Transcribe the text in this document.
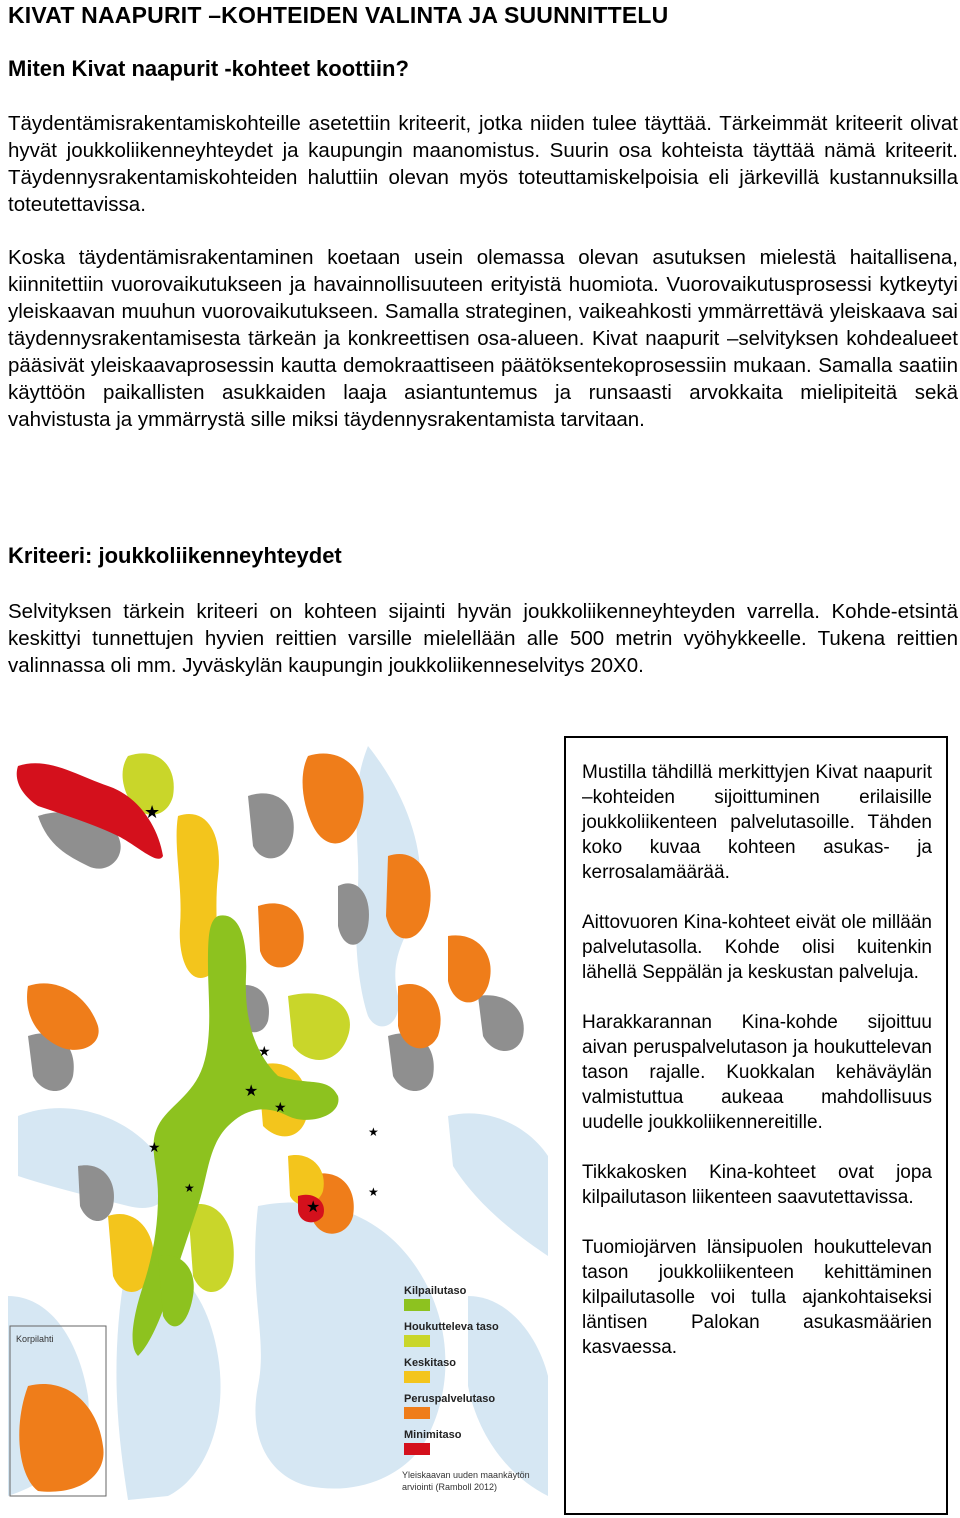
KIVAT NAAPURIT –KOHTEIDEN VALINTA JA SUUNNITTELU
Miten Kivat naapurit -kohteet koottiin?
Täydentämisrakentamiskohteille asetettiin kriteerit, jotka niiden tulee täyttää. Tärkeimmät kriteerit olivat hyvät joukkoliikenneyhteydet ja kaupungin maanomistus. Suurin osa kohteista täyttää nämä kriteerit. Täydennysrakentamiskohteiden haluttiin olevan myös toteuttamiskelpoisia eli järkevillä kustannuksilla toteutettavissa.
Koska täydentämisrakentaminen koetaan usein olemassa olevan asutuksen mielestä haitallisena, kiinnitettiin vuorovaikutukseen ja havainnollisuuteen erityistä huomiota. Vuorovaikutusprosessi kytkeytyi yleiskaavan muuhun vuorovaikutukseen. Samalla strateginen, vaikeahkosti ymmärrettävä yleiskaava sai täydennysrakentamisesta tärkeän ja konkreettisen osa-alueen. Kivat naapurit –selvityksen kohdealueet pääsivät yleiskaavaprosessin kautta demokraattiseen päätöksentekoprosessiin mukaan. Samalla saatiin käyttöön paikallisten asukkaiden laaja asiantuntemus ja runsaasti arvokkaita mielipiteitä sekä vahvistusta ja ymmärrystä sille miksi täydennysrakentamista tarvitaan.
Kriteeri: joukkoliikenneyhteydet
Selvityksen tärkein kriteeri on kohteen sijainti hyvän joukkoliikenneyhteyden varrella. Kohde-etsintä keskittyi tunnettujen hyvien reittien varsille mielellään alle 500 metrin vyöhykkeelle. Tukena reittien valinnassa oli mm. Jyväskylän kaupungin joukkoliikenneselvitys 20X0.
★
★
★
★
★
★
★
★
★
Kilpailutaso
Houkutteleva taso
Keskitaso
Peruspalvelutaso
Minimitaso
Korpilahti
Yleiskaavan uuden maankäytön
arviointi (Ramboll 2012)

Mustilla tähdillä merkittyjen Kivat naapurit –kohteiden sijoittuminen erilaisille joukkoliikenteen palvelutasoille. Tähden koko kuvaa kohteen asukas- ja kerrosalamäärää.

Aittovuoren Kina-kohteet eivät ole millään palvelutasolla. Kohde olisi kuitenkin lähellä Seppälän ja keskustan palveluja.

Harakkarannan Kina-kohde sijoittuu aivan peruspalvelutason ja houkuttelevan tason rajalle. Kuokkalan kehäväylän valmistuttua aukeaa mahdollisuus uudelle joukkoliikennereitille.

Tikkakosken Kina-kohteet ovat jopa kilpailutason liikenteen saavutettavissa.

Tuomiojärven länsipuolen houkuttelevan tason joukkoliikenteen kehittäminen kilpailutasolle voi tulla ajankohtaiseksi läntisen Palokan asukasmäärien kasvaessa.
